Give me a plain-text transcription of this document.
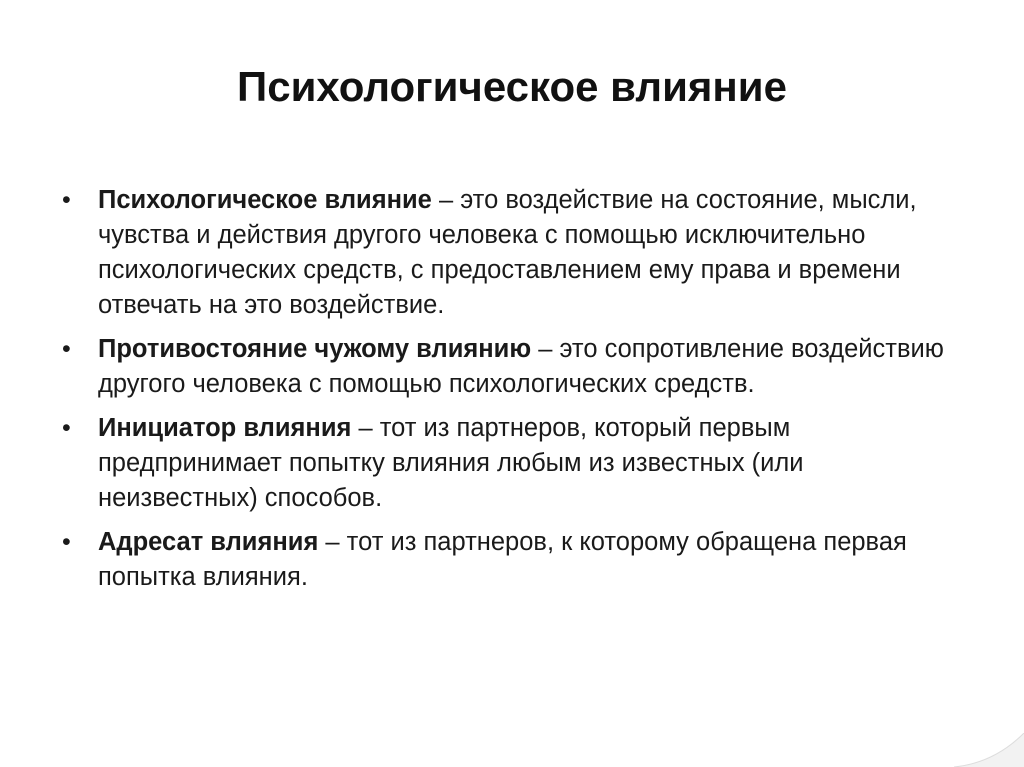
Психологическое влияние
• Психологическое влияние – это воздействие на состояние, мысли, чувства и действия другого человека с помощью исключительно психологических средств, с предоставлением ему права и времени отвечать на это воздействие.
• Противостояние чужому влиянию – это сопротивление воздействию другого человека с помощью психологических средств.
• Инициатор влияния – тот из партнеров, который первым предпринимает попытку влияния любым из известных (или неизвестных) способов.
• Адресат влияния – тот из партнеров, к которому обращена первая попытка влияния.
